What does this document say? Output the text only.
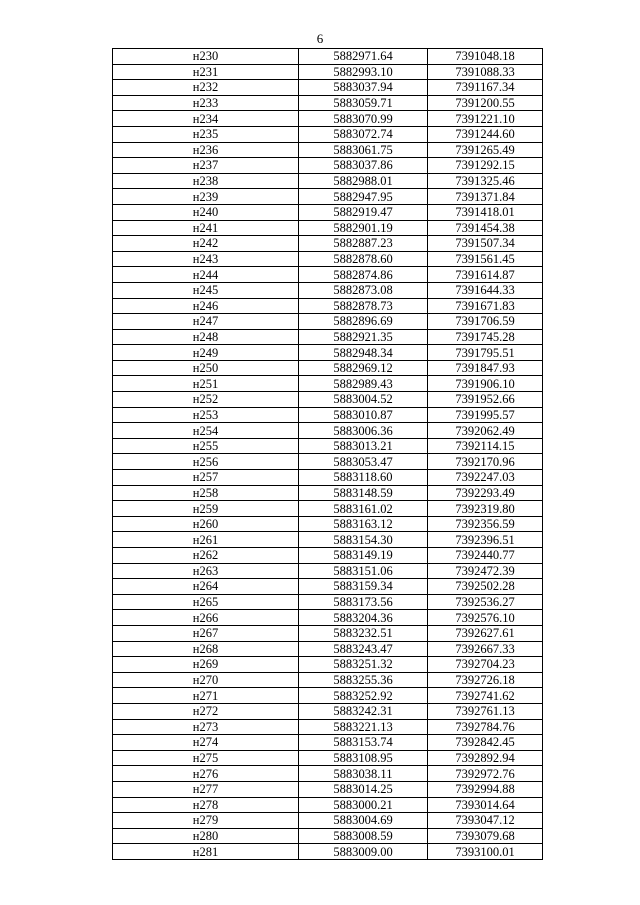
6
н230	5882971.64	7391048.18
н231	5882993.10	7391088.33
н232	5883037.94	7391167.34
н233	5883059.71	7391200.55
н234	5883070.99	7391221.10
н235	5883072.74	7391244.60
н236	5883061.75	7391265.49
н237	5883037.86	7391292.15
н238	5882988.01	7391325.46
н239	5882947.95	7391371.84
н240	5882919.47	7391418.01
н241	5882901.19	7391454.38
н242	5882887.23	7391507.34
н243	5882878.60	7391561.45
н244	5882874.86	7391614.87
н245	5882873.08	7391644.33
н246	5882878.73	7391671.83
н247	5882896.69	7391706.59
н248	5882921.35	7391745.28
н249	5882948.34	7391795.51
н250	5882969.12	7391847.93
н251	5882989.43	7391906.10
н252	5883004.52	7391952.66
н253	5883010.87	7391995.57
н254	5883006.36	7392062.49
н255	5883013.21	7392114.15
н256	5883053.47	7392170.96
н257	5883118.60	7392247.03
н258	5883148.59	7392293.49
н259	5883161.02	7392319.80
н260	5883163.12	7392356.59
н261	5883154.30	7392396.51
н262	5883149.19	7392440.77
н263	5883151.06	7392472.39
н264	5883159.34	7392502.28
н265	5883173.56	7392536.27
н266	5883204.36	7392576.10
н267	5883232.51	7392627.61
н268	5883243.47	7392667.33
н269	5883251.32	7392704.23
н270	5883255.36	7392726.18
н271	5883252.92	7392741.62
н272	5883242.31	7392761.13
н273	5883221.13	7392784.76
н274	5883153.74	7392842.45
н275	5883108.95	7392892.94
н276	5883038.11	7392972.76
н277	5883014.25	7392994.88
н278	5883000.21	7393014.64
н279	5883004.69	7393047.12
н280	5883008.59	7393079.68
н281	5883009.00	7393100.01
